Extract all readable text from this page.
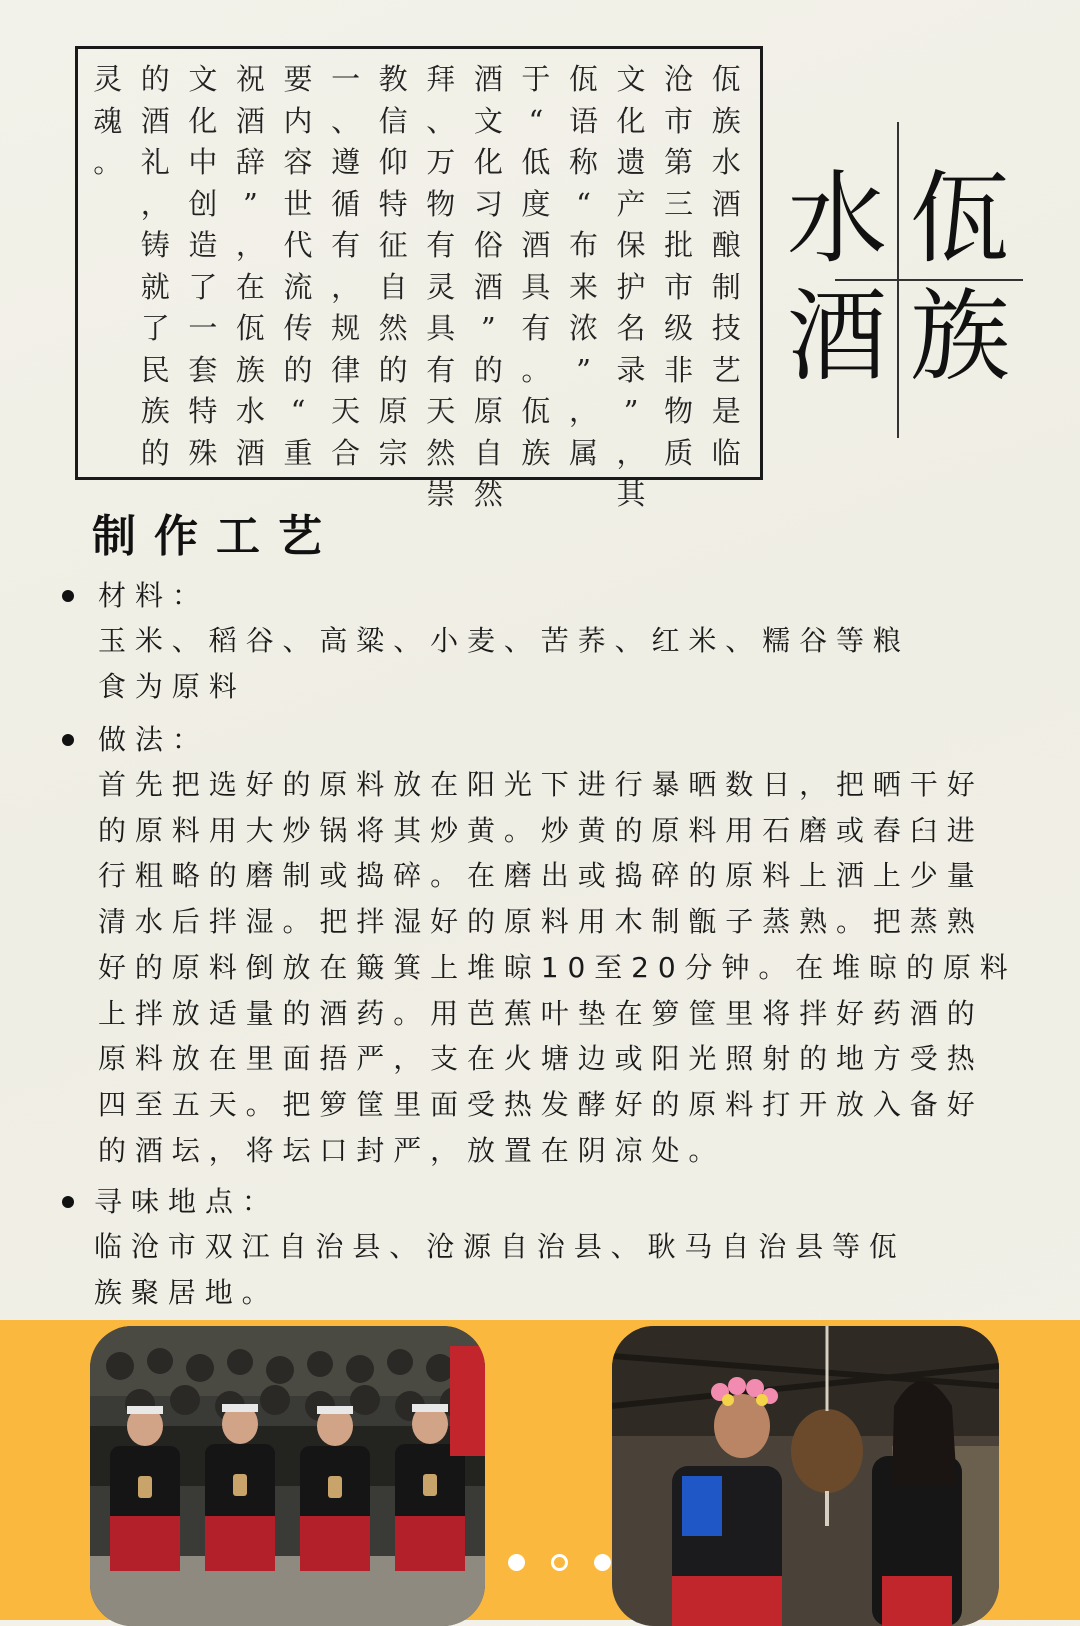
佤
族
水
酒
酿
制
技
艺
是
临
沧
市
第
三
批
市
级
非
物
质
文
化
遗
产
保
护
名
录
”
，
其
佤
语
称
“
布
来
浓
”
，
属
于
“
低
度
酒
具
有
。
佤
族
酒
文
化
习
俗
酒
”
的
原
自
然
拜
、
万
物
有
灵
具
有
天
然
崇
教
信
仰
特
征
自
然
的
原
宗
一
、
遵
循
有
，
规
律
天
合
要
内
容
世
代
流
传
的
“
重
祝
酒
辞
”
，
在
佤
族
水
酒
文
化
中
创
造
了
一
套
特
殊
的
酒
礼
，
铸
就
了
民
族
的
灵
魂
。	佤
族
水
酒
制作工艺
材料：
玉米、稻谷、高粱、小麦、苦荞、红米、糯谷等粮
食为原料
做法：
首先把选好的原料放在阳光下进行暴晒数日，把晒干好
的原料用大炒锅将其炒黄。炒黄的原料用石磨或舂臼进
行粗略的磨制或捣碎。在磨出或捣碎的原料上洒上少量
清水后拌湿。把拌湿好的原料用木制甑子蒸熟。把蒸熟
好的原料倒放在簸箕上堆晾10至20分钟。在堆晾的原料
上拌放适量的酒药。用芭蕉叶垫在箩筐里将拌好药酒的
原料放在里面捂严，支在火塘边或阳光照射的地方受热
四至五天。把箩筐里面受热发酵好的原料打开放入备好
的酒坛，将坛口封严，放置在阴凉处。
寻味地点：
临沧市双江自治县、沧源自治县、耿马自治县等佤
族聚居地。
